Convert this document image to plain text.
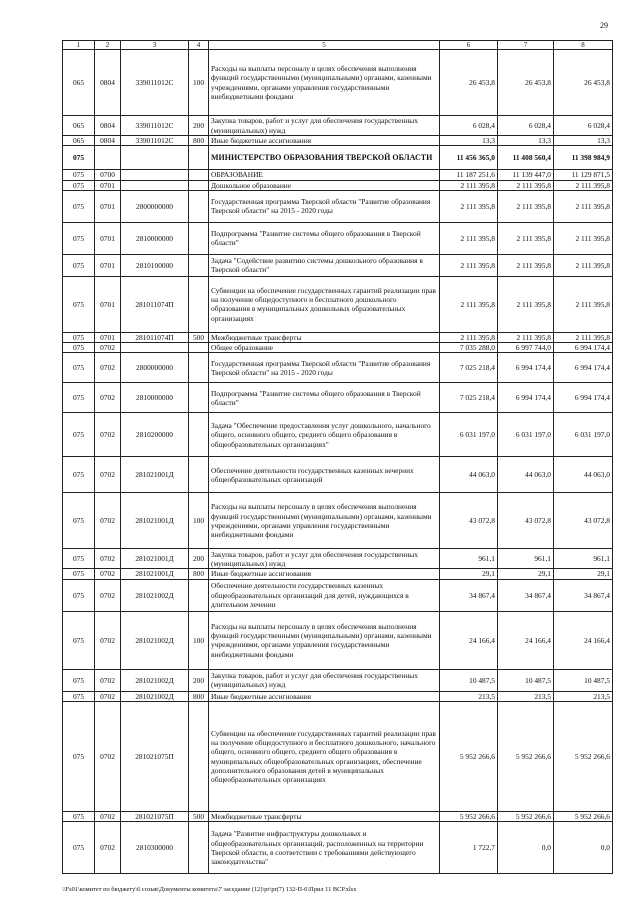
29
1	2	3	4	5	6	7	8
065	0804	339011012С	100	Расходы на выплаты персоналу в целях обеспечения выполнения функций государственными (муниципальными) органами, казенными учреждениями, органами управления государственными внебюджетными фондами	26 453,8	26 453,8	26 453,8
065	0804	339011012С	200	Закупка товаров, работ и услуг для обеспечения государственных (муниципальных) нужд	6 028,4	6 028,4	6 028,4
065	0804	339011012С	800	Иные бюджетные ассигнования	13,3	13,3	13,3
075				МИНИСТЕРСТВО ОБРАЗОВАНИЯ ТВЕРСКОЙ ОБЛАСТИ	11 456 365,0	11 408 560,4	11 398 984,9
075	0700			ОБРАЗОВАНИЕ	11 187 251,6	11 139 447,0	11 129 871,5
075	0701			Дошкольное образование	2 111 395,8	2 111 395,8	2 111 395,8
075	0701	2800000000		Государственная программа Тверской области "Развитие образования Тверской области" на 2015 - 2020 годы	2 111 395,8	2 111 395,8	2 111 395,8
075	0701	2810000000		Подпрограмма "Развитие системы общего образования в Тверской области"	2 111 395,8	2 111 395,8	2 111 395,8
075	0701	2810100000		Задача "Содействие развитию системы дошкольного образования в Тверской области"	2 111 395,8	2 111 395,8	2 111 395,8
075	0701	281011074П		Субвенции на обеспечение государственных гарантий реализации прав на получение общедоступного и бесплатного дошкольного образования в муниципальных дошкольных образовательных организациях	2 111 395,8	2 111 395,8	2 111 395,8
075	0701	281011074П	500	Межбюджетные трансферты	2 111 395,8	2 111 395,8	2 111 395,8
075	0702			Общее образование	7 035 288,0	6 997 744,0	6 994 174,4
075	0702	2800000000		Государственная программа Тверской области "Развитие образования Тверской области" на 2015 - 2020 годы	7 025 218,4	6 994 174,4	6 994 174,4
075	0702	2810000000		Подпрограмма "Развитие системы общего образования в Тверской области"	7 025 218,4	6 994 174,4	6 994 174,4
075	0702	2810200000		Задача "Обеспечение предоставления услуг дошкольного, начального общего, основного общего, среднего общего образования в общеобразовательных организациях"	6 031 197,0	6 031 197,0	6 031 197,0
075	0702	281021001Д		Обеспечение деятельности государственных казенных вечерних общеобразовательных организаций	44 063,0	44 063,0	44 063,0
075	0702	281021001Д	100	Расходы на выплаты персоналу в целях обеспечения выполнения функций государственными (муниципальными) органами, казенными учреждениями, органами управления государственными внебюджетными фондами	43 072,8	43 072,8	43 072,8
075	0702	281021001Д	200	Закупка товаров, работ и услуг для обеспечения государственных (муниципальных) нужд	961,1	961,1	961,1
075	0702	281021001Д	800	Иные бюджетные ассигнования	29,1	29,1	29,1
075	0702	281021002Д		Обеспечение деятельности государственных казенных общеобразовательных организаций для детей, нуждающихся в длительном лечении	34 867,4	34 867,4	34 867,4
075	0702	281021002Д	100	Расходы на выплаты персоналу в целях обеспечения выполнения функций государственными (муниципальными) органами, казенными учреждениями, органами управления государственными внебюджетными фондами	24 166,4	24 166,4	24 166,4
075	0702	281021002Д	200	Закупка товаров, работ и услуг для обеспечения государственных (муниципальных) нужд	10 487,5	10 487,5	10 487,5
075	0702	281021002Д	800	Иные бюджетные ассигнования	213,5	213,5	213,5
075	0702	281021075П		Субвенции на обеспечение государственных гарантий реализации прав на получение общедоступного и бесплатного дошкольного, начального общего, основного общего, среднего общего образования в муниципальных общеобразовательных организациях, обеспечение дополнительного образования детей в муниципальных общеобразовательных организациях	5 952 266,6	5 952 266,6	5 952 266,6
075	0702	281021075П	500	Межбюджетные трансферты	5 952 266,6	5 952 266,6	5 952 266,6
075	0702	2810300000		Задача "Развитие инфраструктуры дошкольных и общеобразовательных организаций, расположенных на территории Тверской области, в соответствии с требованиями действующего законодательства"	1 722,7	0,0	0,0
\\Fs01\комитет по бюджету\6 созыв\Документы комитета\7 заседание (12)\pr\pr(7) 132-П-6\Прил 11 ВСР.xlsx
